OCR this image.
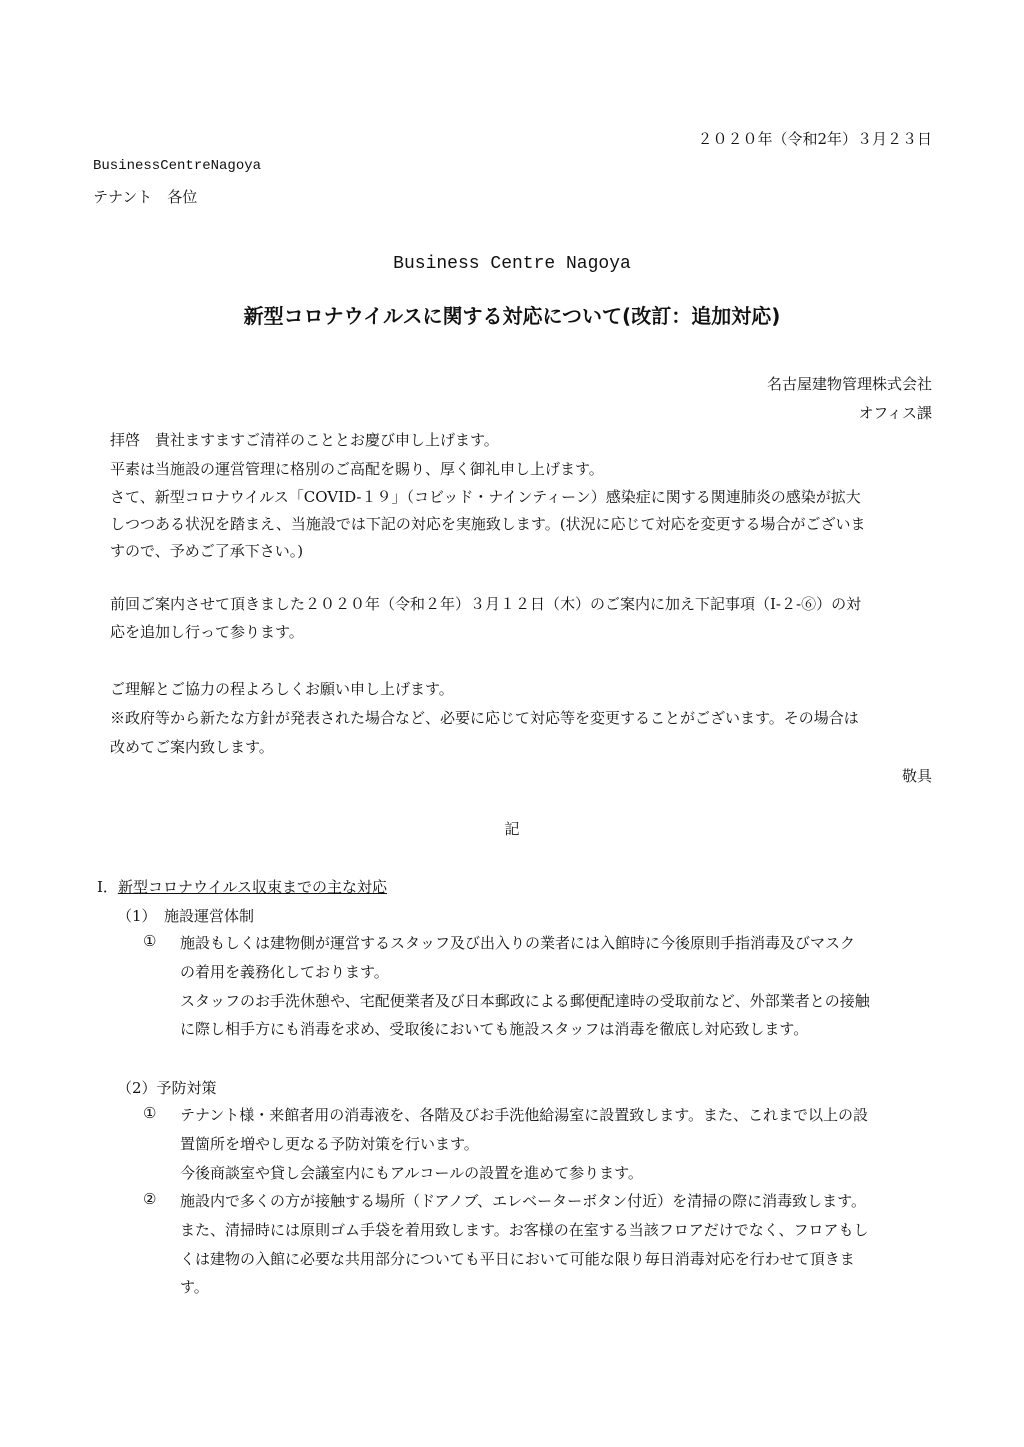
２０２０年（令和2年）３月２３日
BusinessCentreNagoya
テナント　各位
Business Centre Nagoya
新型コロナウイルスに関する対応について(改訂：追加対応)
名古屋建物管理株式会社
オフィス課
拝啓　貴社ますますご清祥のこととお慶び申し上げます。
平素は当施設の運営管理に格別のご高配を賜り、厚く御礼申し上げます。
さて、新型コロナウイルス「COVID-１９」（コビッド・ナインティーン）感染症に関する関連肺炎の感染が拡大
しつつある状況を踏まえ、当施設では下記の対応を実施致します。(状況に応じて対応を変更する場合がございま
すので、予めご了承下さい。)
前回ご案内させて頂きました２０２０年（令和２年）３月１２日（木）のご案内に加え下記事項（Ⅰ-２-⑥）の対
応を追加し行って参ります。
ご理解とご協力の程よろしくお願い申し上げます。
※政府等から新たな方針が発表された場合など、必要に応じて対応等を変更することがございます。その場合は
改めてご案内致します。
敬具
記
Ⅰ．新型コロナウイルス収束までの主な対応
（1）　施設運営体制
① 施設もしくは建物側が運営するスタッフ及び出入りの業者には入館時に今後原則手指消毒及びマスク
の着用を義務化しております。
スタッフのお手洗休憩や、宅配便業者及び日本郵政による郵便配達時の受取前など、外部業者との接触
に際し相手方にも消毒を求め、受取後においても施設スタッフは消毒を徹底し対応致します。
（2）予防対策
① テナント様・来館者用の消毒液を、各階及びお手洗他給湯室に設置致します。また、これまで以上の設
置箇所を増やし更なる予防対策を行います。
今後商談室や貸し会議室内にもアルコールの設置を進めて参ります。
② 施設内で多くの方が接触する場所（ドアノブ、エレベーターボタン付近）を清掃の際に消毒致します。
また、清掃時には原則ゴム手袋を着用致します。お客様の在室する当該フロアだけでなく、フロアもし
くは建物の入館に必要な共用部分についても平日において可能な限り毎日消毒対応を行わせて頂きま
す。
